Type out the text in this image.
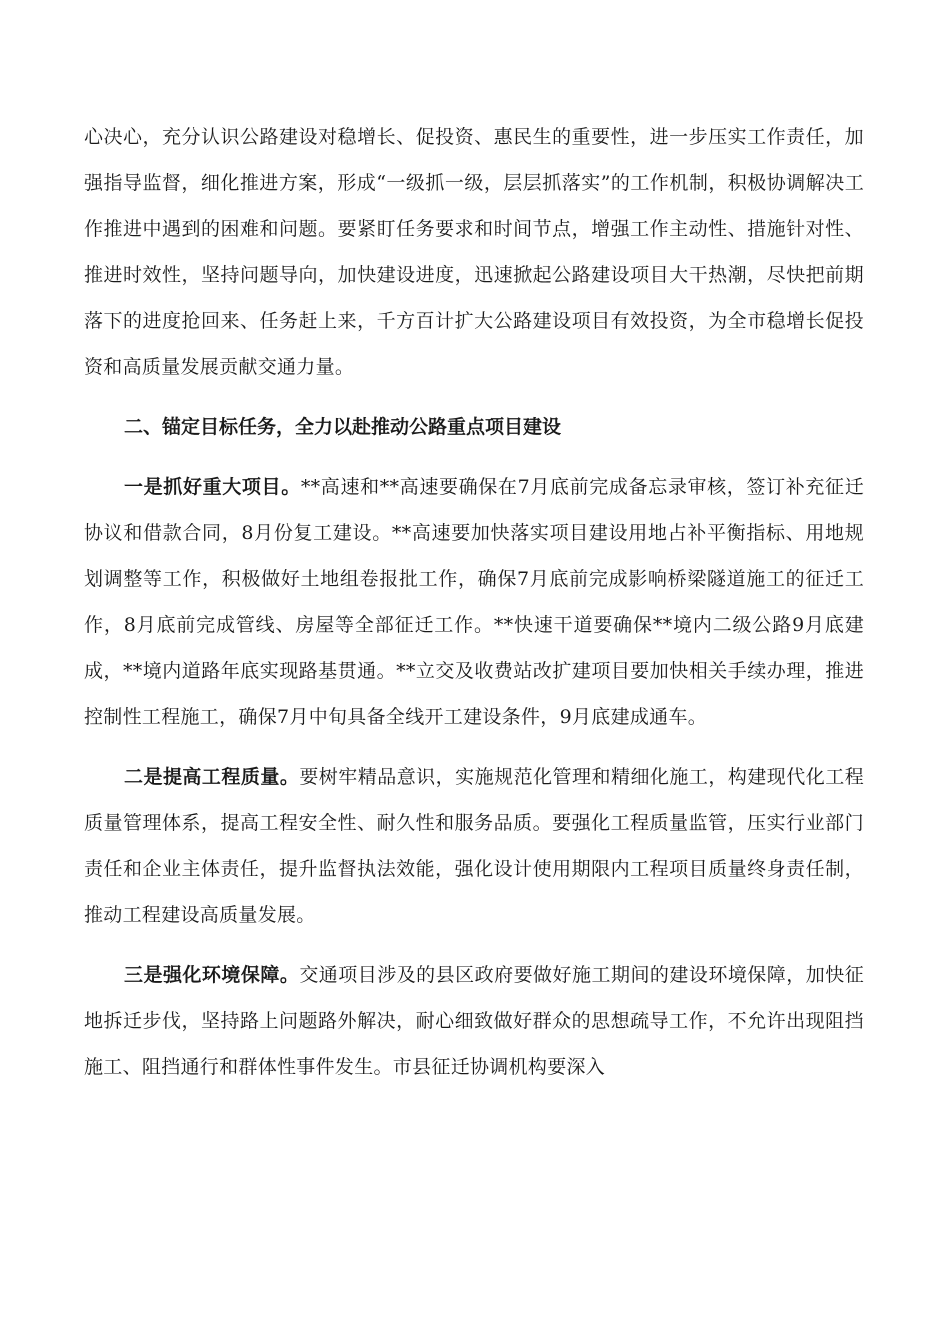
心决心，充分认识公路建设对稳增长、促投资、惠民生的重要性，进一步压实工作责任，加强指导监督，细化推进方案，形成“一级抓一级，层层抓落实”的工作机制，积极协调解决工作推进中遇到的困难和问题。要紧盯任务要求和时间节点，增强工作主动性、措施针对性、推进时效性，坚持问题导向，加快建设进度，迅速掀起公路建设项目大干热潮，尽快把前期落下的进度抢回来、任务赶上来，千方百计扩大公路建设项目有效投资，为全市稳增长促投资和高质量发展贡献交通力量。

二、锚定目标任务，全力以赴推动公路重点项目建设

一是抓好重大项目。**高速和**高速要确保在7月底前完成备忘录审核，签订补充征迁协议和借款合同，8月份复工建设。**高速要加快落实项目建设用地占补平衡指标、用地规划调整等工作，积极做好土地组卷报批工作，确保7月底前完成影响桥梁隧道施工的征迁工作，8月底前完成管线、房屋等全部征迁工作。**快速干道要确保**境内二级公路9月底建成，**境内道路年底实现路基贯通。**立交及收费站改扩建项目要加快相关手续办理，推进控制性工程施工，确保7月中旬具备全线开工建设条件，9月底建成通车。

二是提高工程质量。要树牢精品意识，实施规范化管理和精细化施工，构建现代化工程质量管理体系，提高工程安全性、耐久性和服务品质。要强化工程质量监管，压实行业部门责任和企业主体责任，提升监督执法效能，强化设计使用期限内工程项目质量终身责任制，推动工程建设高质量发展。

三是强化环境保障。交通项目涉及的县区政府要做好施工期间的建设环境保障，加快征地拆迁步伐，坚持路上问题路外解决，耐心细致做好群众的思想疏导工作，不允许出现阻挡施工、阻挡通行和群体性事件发生。市县征迁协调机构要深入
